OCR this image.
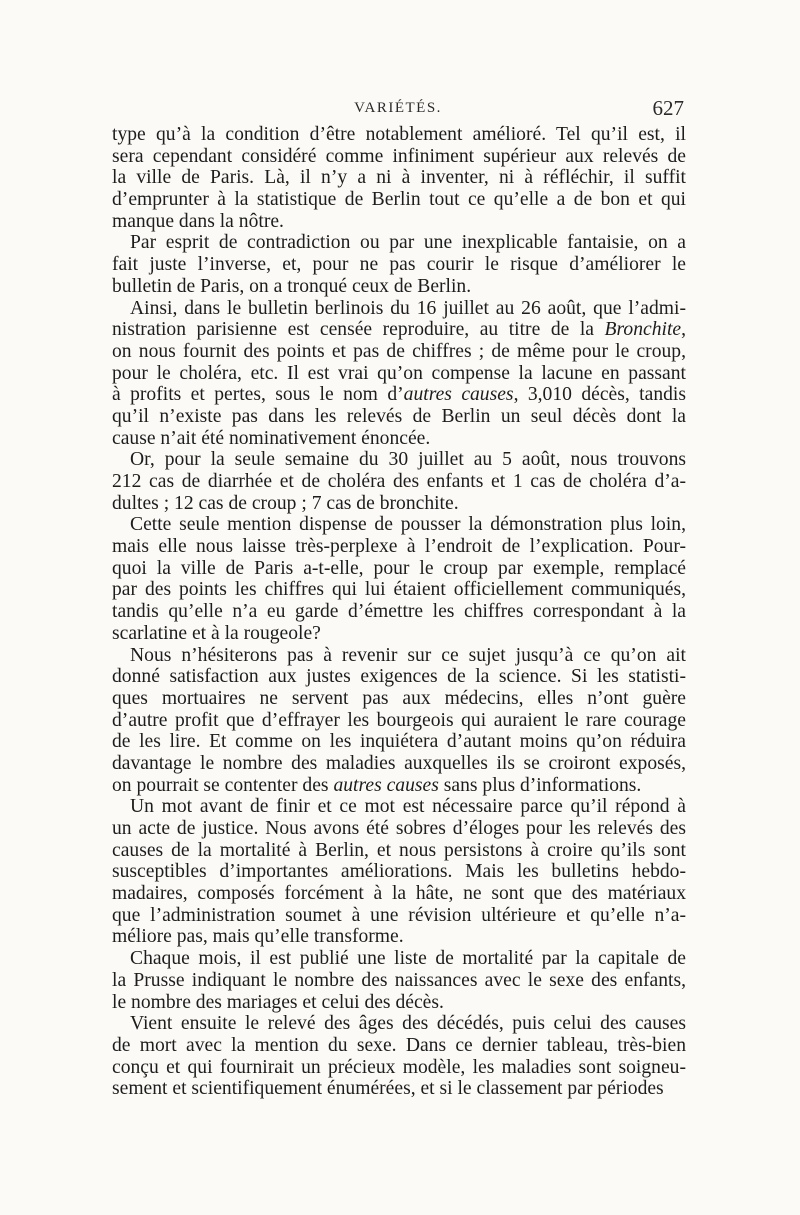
VARIÉTÉS.	627
type qu’à la condition d’être notablement amélioré. Tel qu’il est, il
sera cependant considéré comme infiniment supérieur aux relevés de
la ville de Paris. Là, il n’y a ni à inventer, ni à réfléchir, il suffit
d’emprunter à la statistique de Berlin tout ce qu’elle a de bon et qui
manque dans la nôtre.
Par esprit de contradiction ou par une inexplicable fantaisie, on a
fait juste l’inverse, et, pour ne pas courir le risque d’améliorer le
bulletin de Paris, on a tronqué ceux de Berlin.
Ainsi, dans le bulletin berlinois du 16 juillet au 26 août, que l’admi-
nistration parisienne est censée reproduire, au titre de la Bronchite,
on nous fournit des points et pas de chiffres ; de même pour le croup,
pour le choléra, etc. Il est vrai qu’on compense la lacune en passant
à profits et pertes, sous le nom d’autres causes, 3,010 décès, tandis
qu’il n’existe pas dans les relevés de Berlin un seul décès dont la
cause n’ait été nominativement énoncée.
Or, pour la seule semaine du 30 juillet au 5 août, nous trouvons
212 cas de diarrhée et de choléra des enfants et 1 cas de choléra d’a-
dultes ; 12 cas de croup ; 7 cas de bronchite.
Cette seule mention dispense de pousser la démonstration plus loin,
mais elle nous laisse très-perplexe à l’endroit de l’explication. Pour-
quoi la ville de Paris a-t-elle, pour le croup par exemple, remplacé
par des points les chiffres qui lui étaient officiellement communiqués,
tandis qu’elle n’a eu garde d’émettre les chiffres correspondant à la
scarlatine et à la rougeole?
Nous n’hésiterons pas à revenir sur ce sujet jusqu’à ce qu’on ait
donné satisfaction aux justes exigences de la science. Si les statisti-
ques mortuaires ne servent pas aux médecins, elles n’ont guère
d’autre profit que d’effrayer les bourgeois qui auraient le rare courage
de les lire. Et comme on les inquiétera d’autant moins qu’on réduira
davantage le nombre des maladies auxquelles ils se croiront exposés,
on pourrait se contenter des autres causes sans plus d’informations.
Un mot avant de finir et ce mot est nécessaire parce qu’il répond à
un acte de justice. Nous avons été sobres d’éloges pour les relevés des
causes de la mortalité à Berlin, et nous persistons à croire qu’ils sont
susceptibles d’importantes améliorations. Mais les bulletins hebdo-
madaires, composés forcément à la hâte, ne sont que des matériaux
que l’administration soumet à une révision ultérieure et qu’elle n’a-
méliore pas, mais qu’elle transforme.
Chaque mois, il est publié une liste de mortalité par la capitale de
la Prusse indiquant le nombre des naissances avec le sexe des enfants,
le nombre des mariages et celui des décès.
Vient ensuite le relevé des âges des décédés, puis celui des causes
de mort avec la mention du sexe. Dans ce dernier tableau, très-bien
conçu et qui fournirait un précieux modèle, les maladies sont soigneu-
sement et scientifiquement énumérées, et si le classement par périodes
